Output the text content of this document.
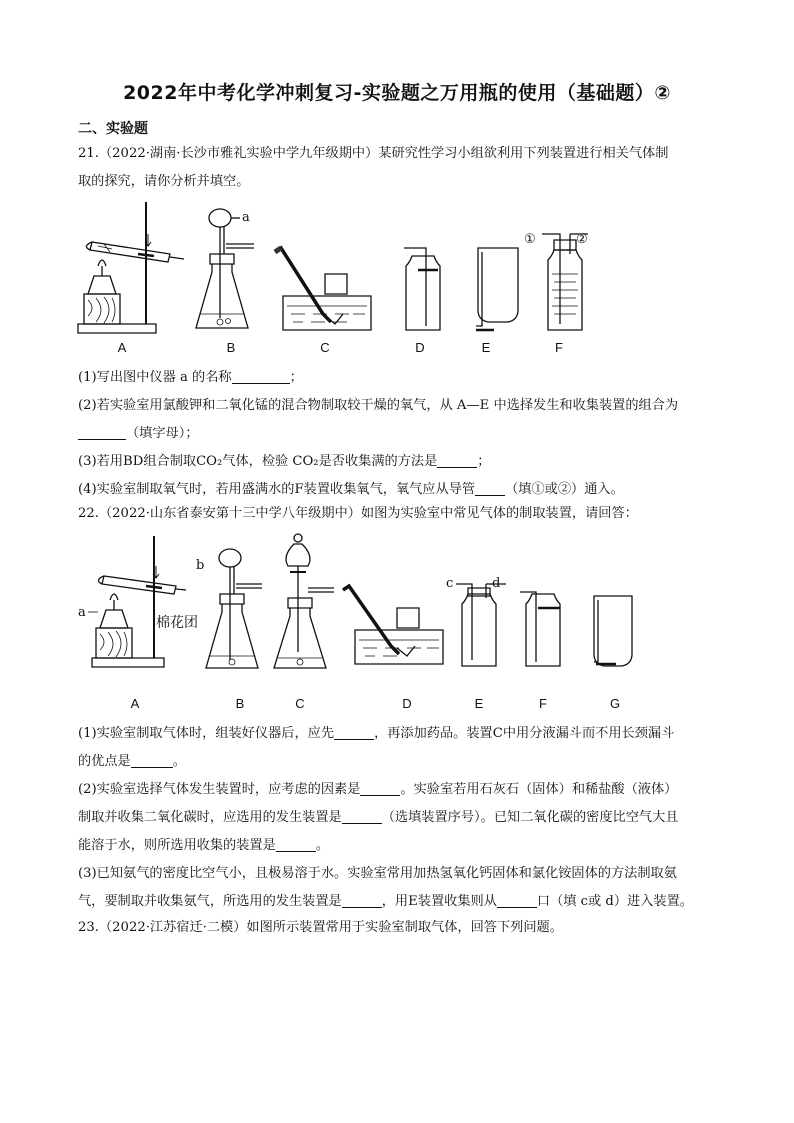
2022年中考化学冲刺复习-实验题之万用瓶的使用（基础题）②
二、实验题
21.（2022·湖南·长沙市雅礼实验中学九年级期中）某研究性学习小组欲利用下列装置进行相关气体制
取的探究，请你分析并填空。
a
①	②
A	B	C	D	E	F
(1)写出图中仪器 a 的名称	；
(2)若实验室用氯酸钾和二氧化锰的混合物制取较干燥的氧气，从 A—E 中选择发生和收集装置的组合为
（填字母）；
(3)若用BD组合制取CO₂气体，检验 CO₂是否收集满的方法是	；
(4)实验室制取氧气时，若用盛满水的F装置收集氧气，氧气应从导管 （填①或②）通入。
22.（2022·山东省泰安第十三中学八年级期中）如图为实验室中常见气体的制取装置，请回答：
a
b
c	d
棉花团
A	B	C	D	E	F	G
(1)实验室制取气体时，组装好仪器后，应先	，再添加药品。装置C中用分液漏斗而不用长颈漏斗
的优点是	。
(2)实验室选择气体发生装置时，应考虑的因素是	。实验室若用石灰石（固体）和稀盐酸（液体）
制取并收集二氧化碳时，应选用的发生装置是	（选填装置序号）。已知二氧化碳的密度比空气大且
能溶于水，则所选用收集的装置是	。
(3)已知氨气的密度比空气小，且极易溶于水。实验室常用加热氢氧化钙固体和氯化铵固体的方法制取氨
气，要制取并收集氨气，所选用的发生装置是	，用E装置收集则从	口（填 c或 d）进入装置。
23.（2022·江苏宿迁·二模）如图所示装置常用于实验室制取气体，回答下列问题。
